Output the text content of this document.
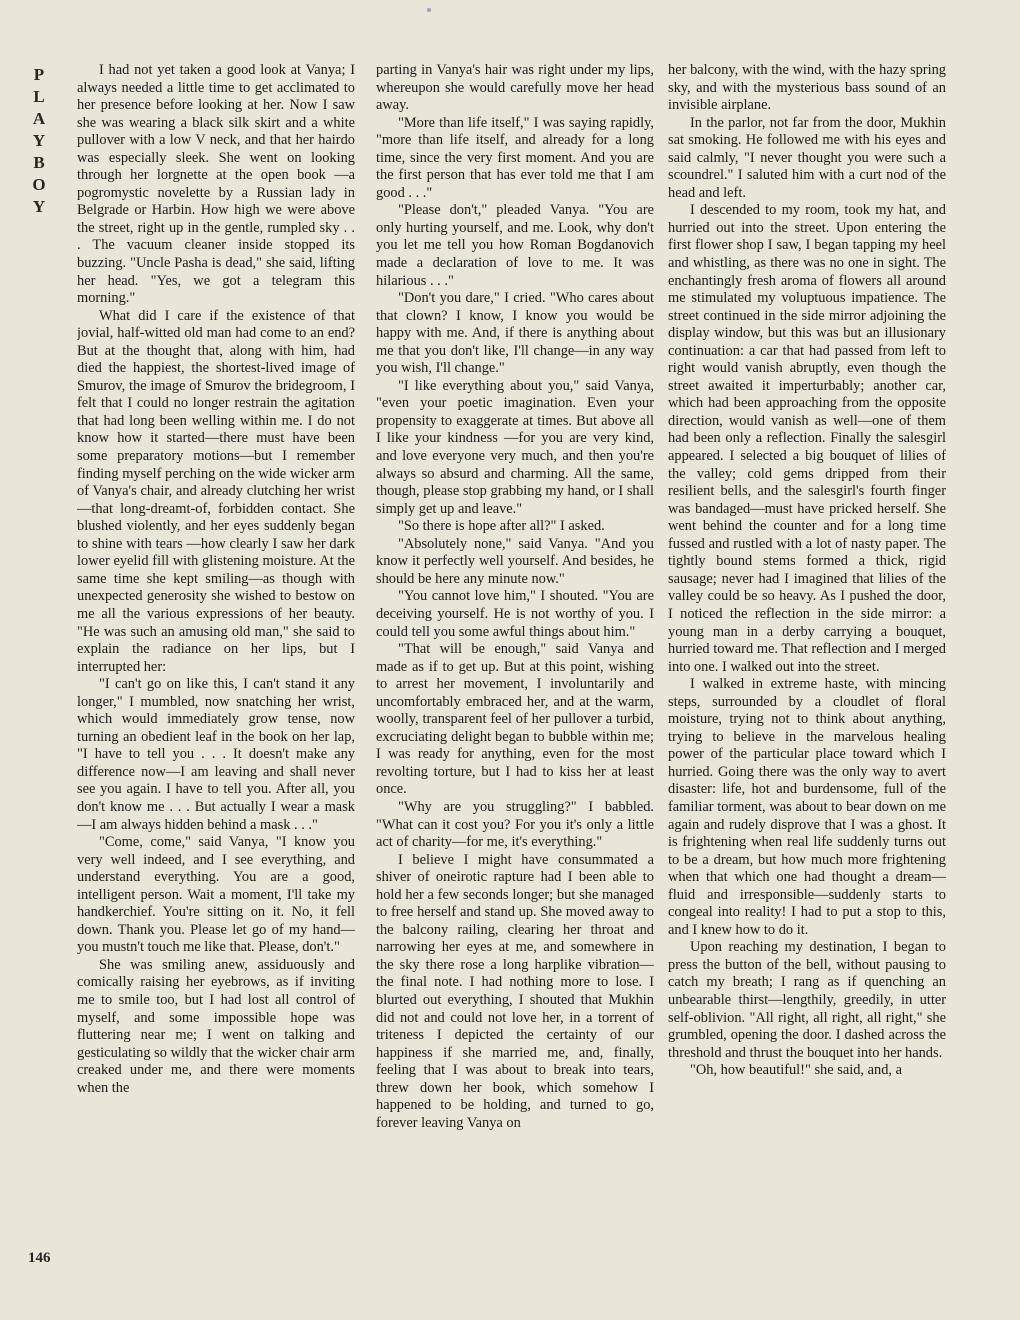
P
L
A
Y
B
O
Y

I had not yet taken a good look at Vanya; I always needed a little time to get acclimated to her presence before looking at her. Now I saw she was wearing a black silk skirt and a white pullover with a low V neck, and that her hairdo was especially sleek. She went on looking through her lorgnette at the open book —a pogromystic novelette by a Russian lady in Belgrade or Harbin. How high we were above the street, right up in the gentle, rumpled sky . . . The vacuum cleaner inside stopped its buzzing. "Uncle Pasha is dead," she said, lifting her head. "Yes, we got a telegram this morning."

What did I care if the existence of that jovial, half-witted old man had come to an end? But at the thought that, along with him, had died the happiest, the shortest-lived image of Smurov, the image of Smurov the bridegroom, I felt that I could no longer restrain the agitation that had long been welling within me. I do not know how it started—there must have been some preparatory motions—but I remember finding myself perching on the wide wicker arm of Vanya's chair, and already clutching her wrist—that long-dreamt-of, forbidden contact. She blushed violently, and her eyes suddenly began to shine with tears —how clearly I saw her dark lower eyelid fill with glistening moisture. At the same time she kept smiling—as though with unexpected generosity she wished to bestow on me all the various expressions of her beauty. "He was such an amusing old man," she said to explain the radiance on her lips, but I interrupted her:

"I can't go on like this, I can't stand it any longer," I mumbled, now snatching her wrist, which would immediately grow tense, now turning an obedient leaf in the book on her lap, "I have to tell you . . . It doesn't make any difference now—I am leaving and shall never see you again. I have to tell you. After all, you don't know me . . . But actually I wear a mask—I am always hidden behind a mask . . ."

"Come, come," said Vanya, "I know you very well indeed, and I see everything, and understand everything. You are a good, intelligent person. Wait a moment, I'll take my handkerchief. You're sitting on it. No, it fell down. Thank you. Please let go of my hand—you mustn't touch me like that. Please, don't."

She was smiling anew, assiduously and comically raising her eyebrows, as if inviting me to smile too, but I had lost all control of myself, and some impossible hope was fluttering near me; I went on talking and gesticulating so wildly that the wicker chair arm creaked under me, and there were moments when the

parting in Vanya's hair was right under my lips, whereupon she would carefully move her head away.

"More than life itself," I was saying rapidly, "more than life itself, and already for a long time, since the very first moment. And you are the first person that has ever told me that I am good . . ."

"Please don't," pleaded Vanya. "You are only hurting yourself, and me. Look, why don't you let me tell you how Roman Bogdanovich made a declaration of love to me. It was hilarious . . ."

"Don't you dare," I cried. "Who cares about that clown? I know, I know you would be happy with me. And, if there is anything about me that you don't like, I'll change—in any way you wish, I'll change."

"I like everything about you," said Vanya, "even your poetic imagination. Even your propensity to exaggerate at times. But above all I like your kindness —for you are very kind, and love everyone very much, and then you're always so absurd and charming. All the same, though, please stop grabbing my hand, or I shall simply get up and leave."

"So there is hope after all?" I asked.

"Absolutely none," said Vanya. "And you know it perfectly well yourself. And besides, he should be here any minute now."

"You cannot love him," I shouted. "You are deceiving yourself. He is not worthy of you. I could tell you some awful things about him."

"That will be enough," said Vanya and made as if to get up. But at this point, wishing to arrest her movement, I involuntarily and uncomfortably embraced her, and at the warm, woolly, transparent feel of her pullover a turbid, excruciating delight began to bubble within me; I was ready for anything, even for the most revolting torture, but I had to kiss her at least once.

"Why are you struggling?" I babbled. "What can it cost you? For you it's only a little act of charity—for me, it's everything."

I believe I might have consummated a shiver of oneirotic rapture had I been able to hold her a few seconds longer; but she managed to free herself and stand up. She moved away to the balcony railing, clearing her throat and narrowing her eyes at me, and somewhere in the sky there rose a long harplike vibration—the final note. I had nothing more to lose. I blurted out everything, I shouted that Mukhin did not and could not love her, in a torrent of triteness I depicted the certainty of our happiness if she married me, and, finally, feeling that I was about to break into tears, threw down her book, which somehow I happened to be holding, and turned to go, forever leaving Vanya on

her balcony, with the wind, with the hazy spring sky, and with the mysterious bass sound of an invisible airplane.

In the parlor, not far from the door, Mukhin sat smoking. He followed me with his eyes and said calmly, "I never thought you were such a scoundrel." I saluted him with a curt nod of the head and left.

I descended to my room, took my hat, and hurried out into the street. Upon entering the first flower shop I saw, I began tapping my heel and whistling, as there was no one in sight. The enchantingly fresh aroma of flowers all around me stimulated my voluptuous impatience. The street continued in the side mirror adjoining the display window, but this was but an illusionary continuation: a car that had passed from left to right would vanish abruptly, even though the street awaited it imperturbably; another car, which had been approaching from the opposite direction, would vanish as well—one of them had been only a reflection. Finally the salesgirl appeared. I selected a big bouquet of lilies of the valley; cold gems dripped from their resilient bells, and the salesgirl's fourth finger was bandaged—must have pricked herself. She went behind the counter and for a long time fussed and rustled with a lot of nasty paper. The tightly bound stems formed a thick, rigid sausage; never had I imagined that lilies of the valley could be so heavy. As I pushed the door, I noticed the reflection in the side mirror: a young man in a derby carrying a bouquet, hurried toward me. That reflection and I merged into one. I walked out into the street.

I walked in extreme haste, with mincing steps, surrounded by a cloudlet of floral moisture, trying not to think about anything, trying to believe in the marvelous healing power of the particular place toward which I hurried. Going there was the only way to avert disaster: life, hot and burdensome, full of the familiar torment, was about to bear down on me again and rudely disprove that I was a ghost. It is frightening when real life suddenly turns out to be a dream, but how much more frightening when that which one had thought a dream—fluid and irresponsible—suddenly starts to congeal into reality! I had to put a stop to this, and I knew how to do it.

Upon reaching my destination, I began to press the button of the bell, without pausing to catch my breath; I rang as if quenching an unbearable thirst—lengthily, greedily, in utter self-oblivion. "All right, all right, all right," she grumbled, opening the door. I dashed across the threshold and thrust the bouquet into her hands.

"Oh, how beautiful!" she said, and, a

146
